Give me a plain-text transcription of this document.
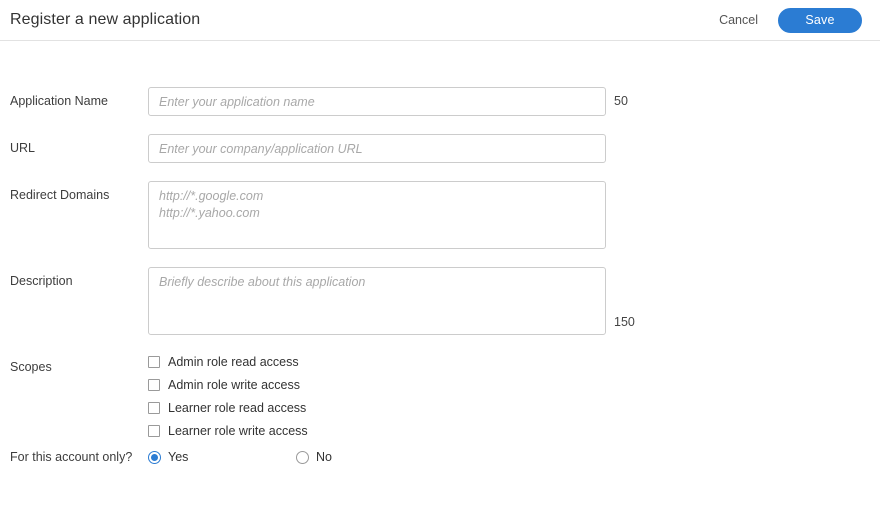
Register a new application	Cancel	Save
Application Name
Enter your application name	50
URL
Enter your company/application URL
Redirect Domains
http://*.google.com http://*.yahoo.com
Description
Briefly describe about this application
150
Scopes	Admin role read access
Admin role write access
Learner role read access
Learner role write access
For this account only?	Yes	No
